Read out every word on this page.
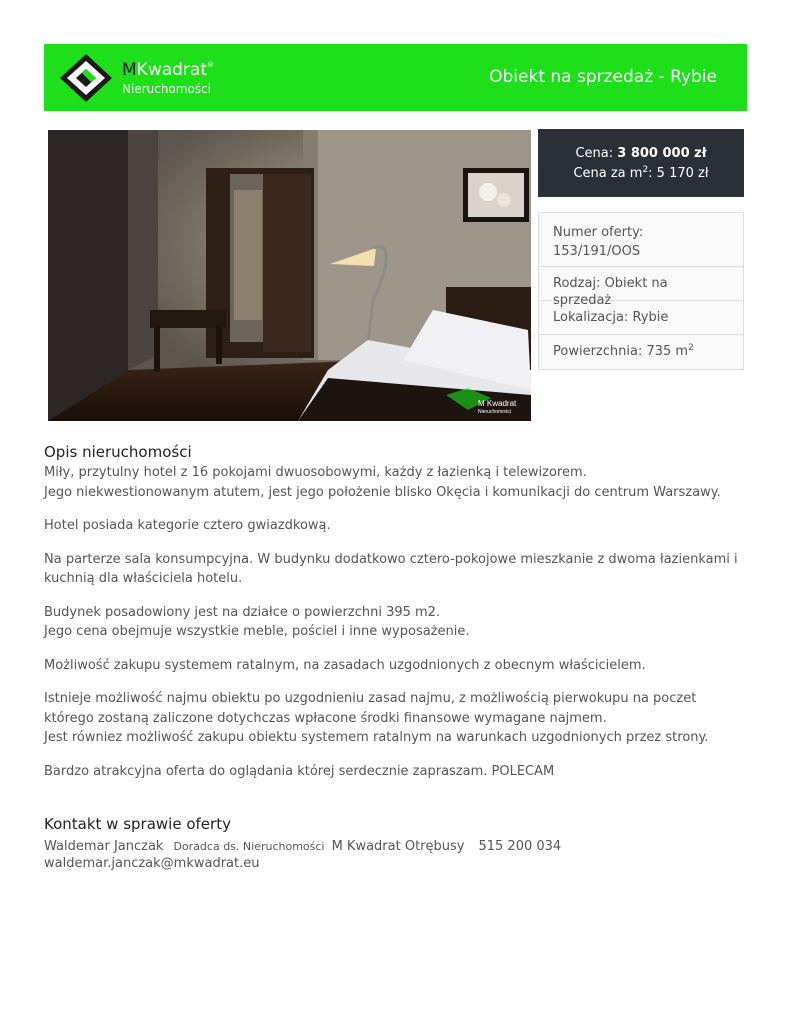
MKwadrat®
Nieruchomości
Obiekt na sprzedaż - Rybie
M Kwadrat
Nieruchomości
Cena: 3 800 000 zł
Cena za $m^2$: 5 170 zł
Numer oferty: 153/191/OOS
Rodzaj: Obiekt na sprzedaż
Lokalizacja: Rybie
Powierzchnia: 735 $m^2$
Opis nieruchomości

Miły, przytulny hotel z 16 pokojami dwuosobowymi, każdy z łazienką i telewizorem.
Jego niekwestionowanym atutem, jest jego położenie blisko Okęcia i komunikacji do centrum Warszawy.

Hotel posiada kategorie cztero gwiazdkową.

Na parterze sala konsumpcyjna. W budynku dodatkowo cztero-pokojowe mieszkanie z dwoma łazienkami i kuchnią dla właściciela hotelu.

Budynek posadowiony jest na działce o powierzchni 395 m2.
Jego cena obejmuje wszystkie meble, pościel i inne wyposażenie.

Możliwość zakupu systemem ratalnym, na zasadach uzgodnionych z obecnym właścicielem.

Istnieje możliwość najmu obiektu po uzgodnieniu zasad najmu, z możliwością pierwokupu na poczet którego zostaną zaliczone dotychczas wpłacone środki finansowe wymagane najmem.
Jest równiez możliwość zakupu obiektu systemem ratalnym na warunkach uzgodnionych przez strony.

Bardzo atrakcyjna oferta do oglądania której serdecznie zapraszam. POLECAM

Kontakt w sprawie oferty
Waldemar Janczak Doradca ds. Nieruchomości M Kwadrat Otrębusy 515 200 034
waldemar.janczak@mkwadrat.eu
